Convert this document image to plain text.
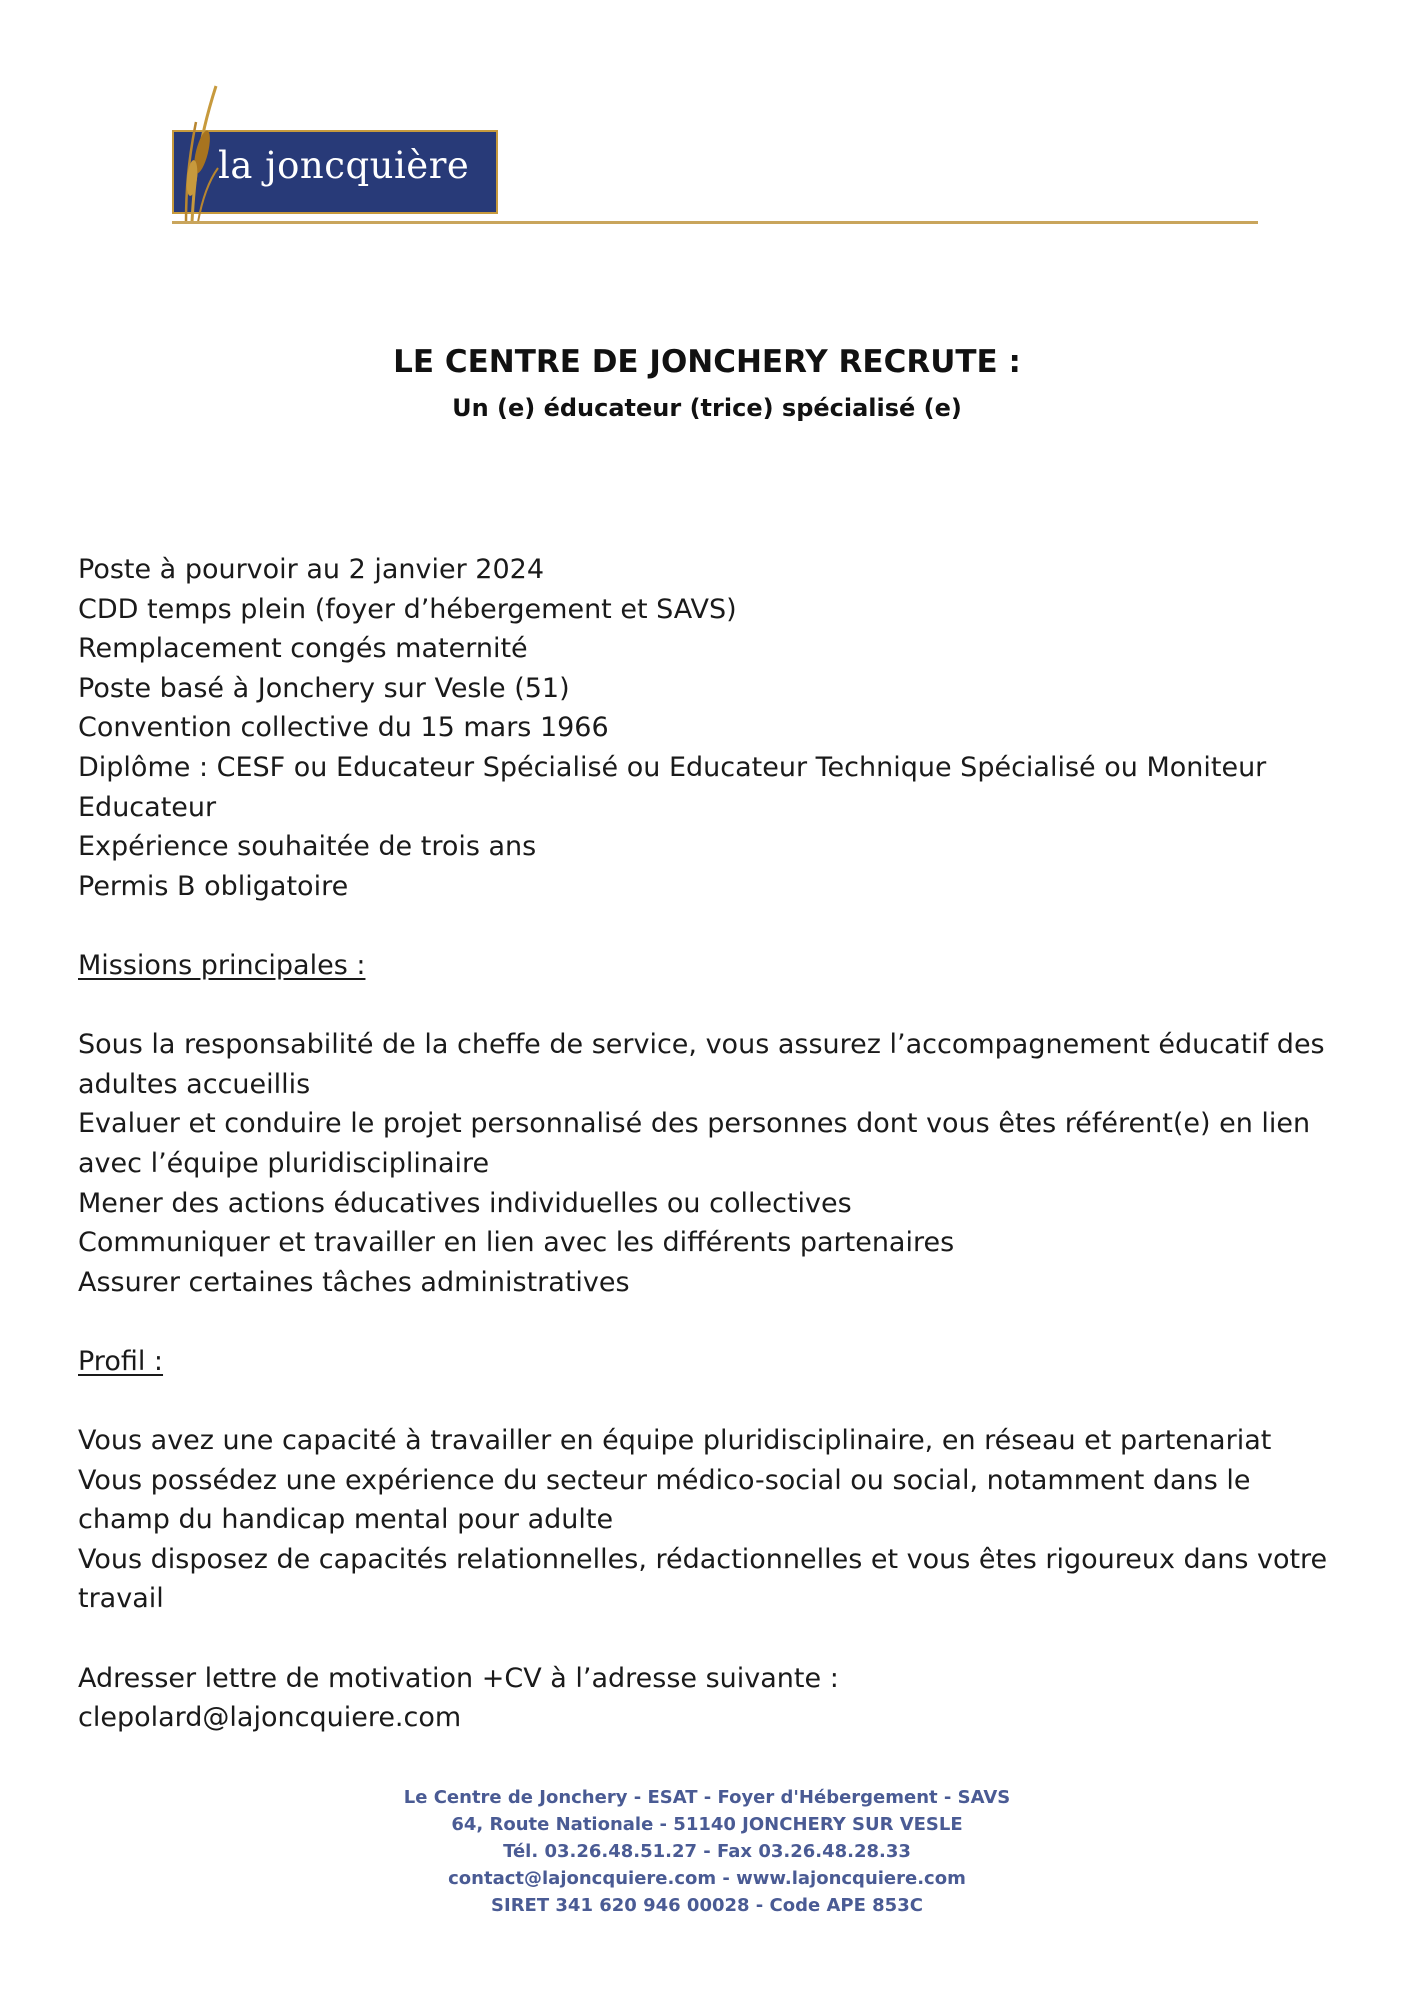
la joncquière
LE CENTRE DE JONCHERY RECRUTE :
Un (e) éducateur (trice) spécialisé (e)
Poste à pourvoir au 2 janvier 2024
CDD temps plein (foyer d’hébergement et SAVS)
Remplacement congés maternité
Poste basé à Jonchery sur Vesle (51)
Convention collective du 15 mars 1966
Diplôme : CESF ou Educateur Spécialisé ou Educateur Technique Spécialisé ou Moniteur
Educateur
Expérience souhaitée de trois ans
Permis B obligatoire
Missions principales :
Sous la responsabilité de la cheffe de service, vous assurez l’accompagnement éducatif des
adultes accueillis
Evaluer et conduire le projet personnalisé des personnes dont vous êtes référent(e) en lien
avec l’équipe pluridisciplinaire
Mener des actions éducatives individuelles ou collectives
Communiquer et travailler en lien avec les différents partenaires
Assurer certaines tâches administratives
Profil :
Vous avez une capacité à travailler en équipe pluridisciplinaire, en réseau et partenariat
Vous possédez une expérience du secteur médico-social ou social, notamment dans le
champ du handicap mental pour adulte
Vous disposez de capacités relationnelles, rédactionnelles et vous êtes rigoureux dans votre
travail
Adresser lettre de motivation +CV à l’adresse suivante :
clepolard@lajoncquiere.com
Le Centre de Jonchery - ESAT - Foyer d'Hébergement - SAVS
64, Route Nationale - 51140 JONCHERY SUR VESLE
Tél. 03.26.48.51.27 - Fax 03.26.48.28.33
contact@lajoncquiere.com - www.lajoncquiere.com
SIRET 341 620 946 00028 - Code APE 853C
